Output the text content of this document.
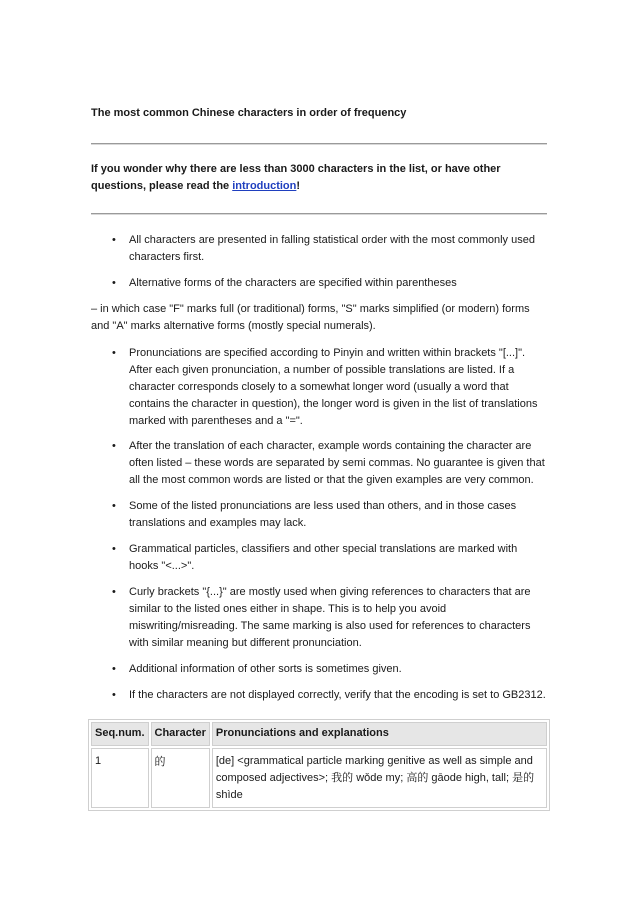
The most common Chinese characters in order of frequency
If you wonder why there are less than 3000 characters in the list, or have other questions, please read the introduction!
• All characters are presented in falling statistical order with the most commonly used characters first.
• Alternative forms of the characters are specified within parentheses
– in which case "F" marks full (or traditional) forms, "S" marks simplified (or modern) forms and "A" marks alternative forms (mostly special numerals).
• Pronunciations are specified according to Pinyin and written within brackets "[...]". After each given pronunciation, a number of possible translations are listed. If a character corresponds closely to a somewhat longer word (usually a word that contains the character in question), the longer word is given in the list of translations marked with parentheses and a "=".
• After the translation of each character, example words containing the character are often listed – these words are separated by semi commas. No guarantee is given that all the most common words are listed or that the given examples are very common.
• Some of the listed pronunciations are less used than others, and in those cases translations and examples may lack.
• Grammatical particles, classifiers and other special translations are marked with hooks "<...>".
• Curly brackets "{...}" are mostly used when giving references to characters that are similar to the listed ones either in shape. This is to help you avoid miswriting/misreading. The same marking is also used for references to characters with similar meaning but different pronunciation.
• Additional information of other sorts is sometimes given.
• If the characters are not displayed correctly, verify that the encoding is set to GB2312.
Seq.num.	Character	Pronunciations and explanations
1	的	[de] <grammatical particle marking genitive as well as simple and composed adjectives>; 我的 wǒde my; 高的 gāode high, tall; 是的 shìde
